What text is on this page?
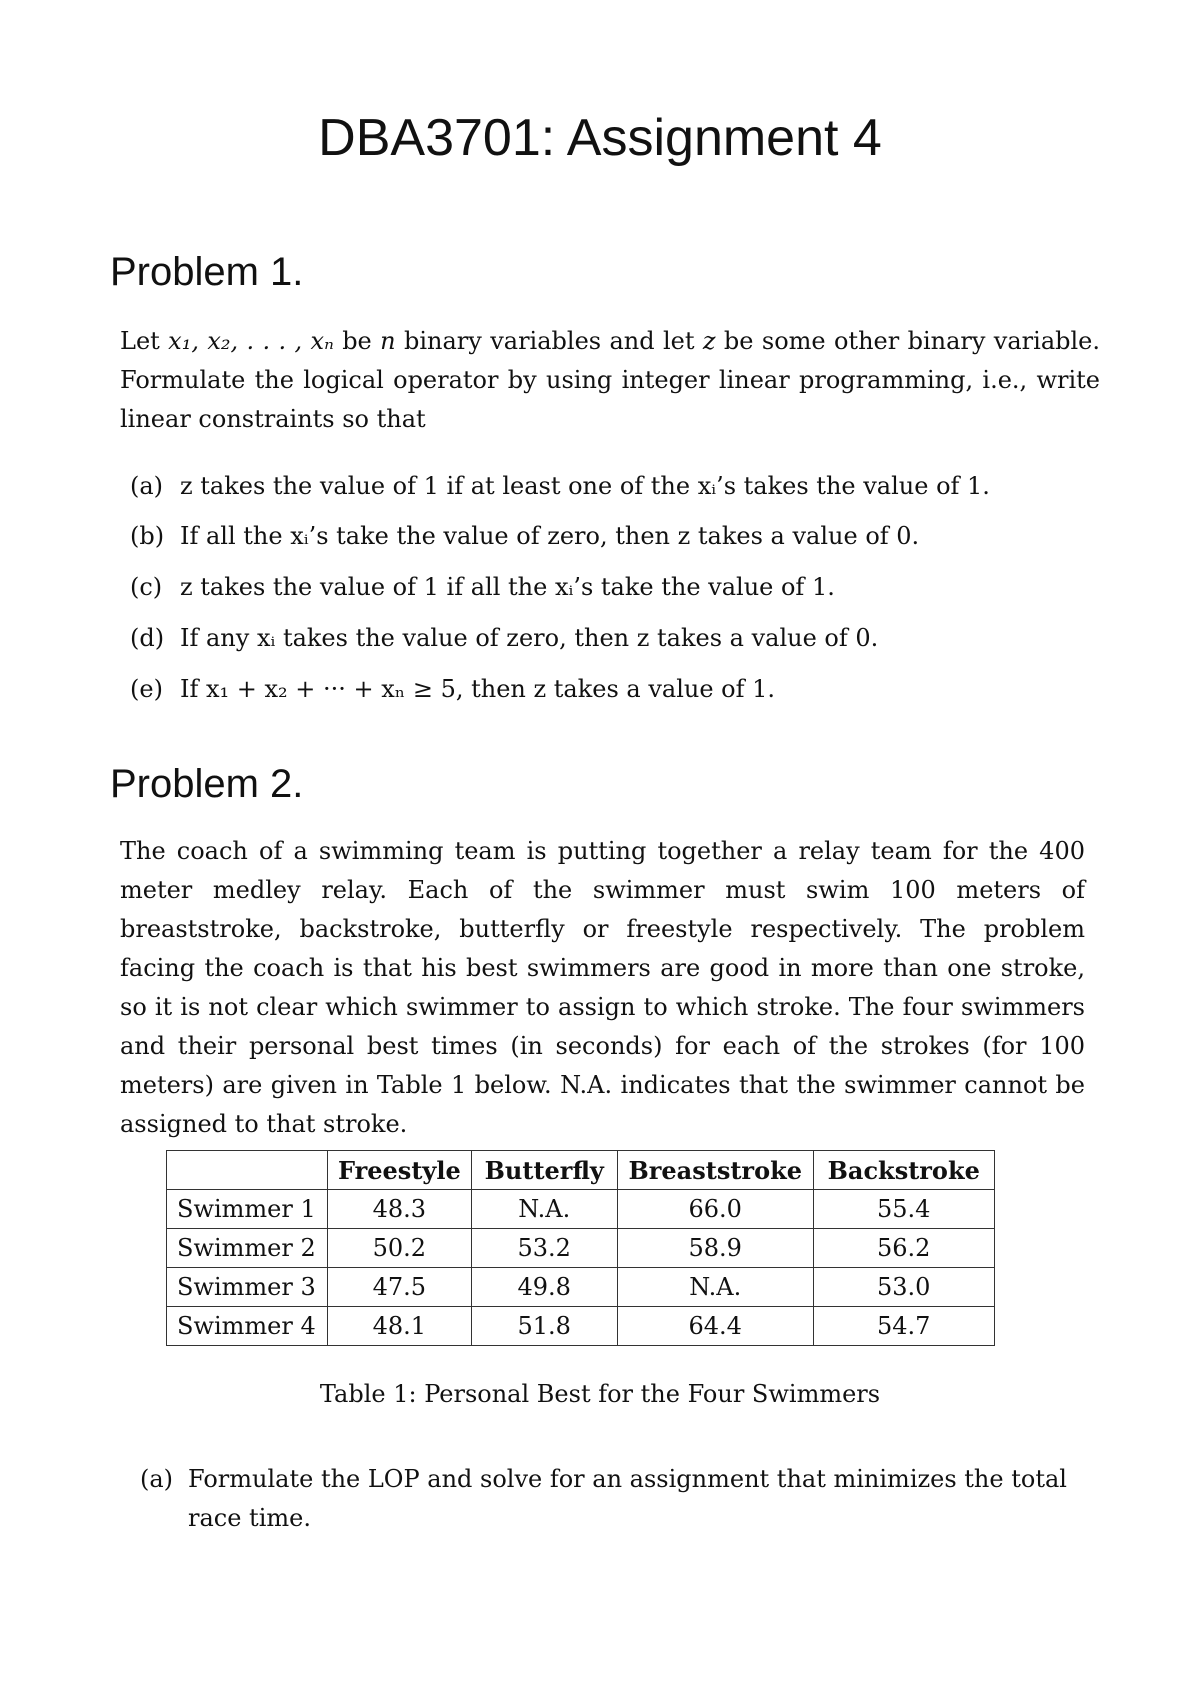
DBA3701: Assignment 4
Problem 1.

Let x₁, x₂, . . . , xₙ be n binary variables and let z be some other binary variable. Formulate the logical operator by using integer linear programming, i.e., write linear constraints so that

(a) z takes the value of 1 if at least one of the xᵢ’s takes the value of 1.
(b) If all the xᵢ’s take the value of zero, then z takes a value of 0.
(c) z takes the value of 1 if all the xᵢ’s take the value of 1.
(d) If any xᵢ takes the value of zero, then z takes a value of 0.
(e) If x₁ + x₂ + ··· + xₙ ≥ 5, then z takes a value of 1.
Problem 2.

The coach of a swimming team is putting together a relay team for the 400 meter medley relay. Each of the swimmer must swim 100 meters of breaststroke, backstroke, butterfly or freestyle respectively. The problem facing the coach is that his best swimmers are good in more than one stroke, so it is not clear which swimmer to assign to which stroke. The four swimmers and their personal best times (in seconds) for each of the strokes (for 100 meters) are given in Table 1 below. N.A. indicates that the swimmer cannot be assigned to that stroke.

	Freestyle	Butterfly	Breaststroke	Backstroke
Swimmer 1	48.3	N.A.	66.0	55.4
Swimmer 2	50.2	53.2	58.9	56.2
Swimmer 3	47.5	49.8	N.A.	53.0
Swimmer 4	48.1	51.8	64.4	54.7

Table 1: Personal Best for the Four Swimmers

(a) Formulate the LOP and solve for an assignment that minimizes the total race time.
